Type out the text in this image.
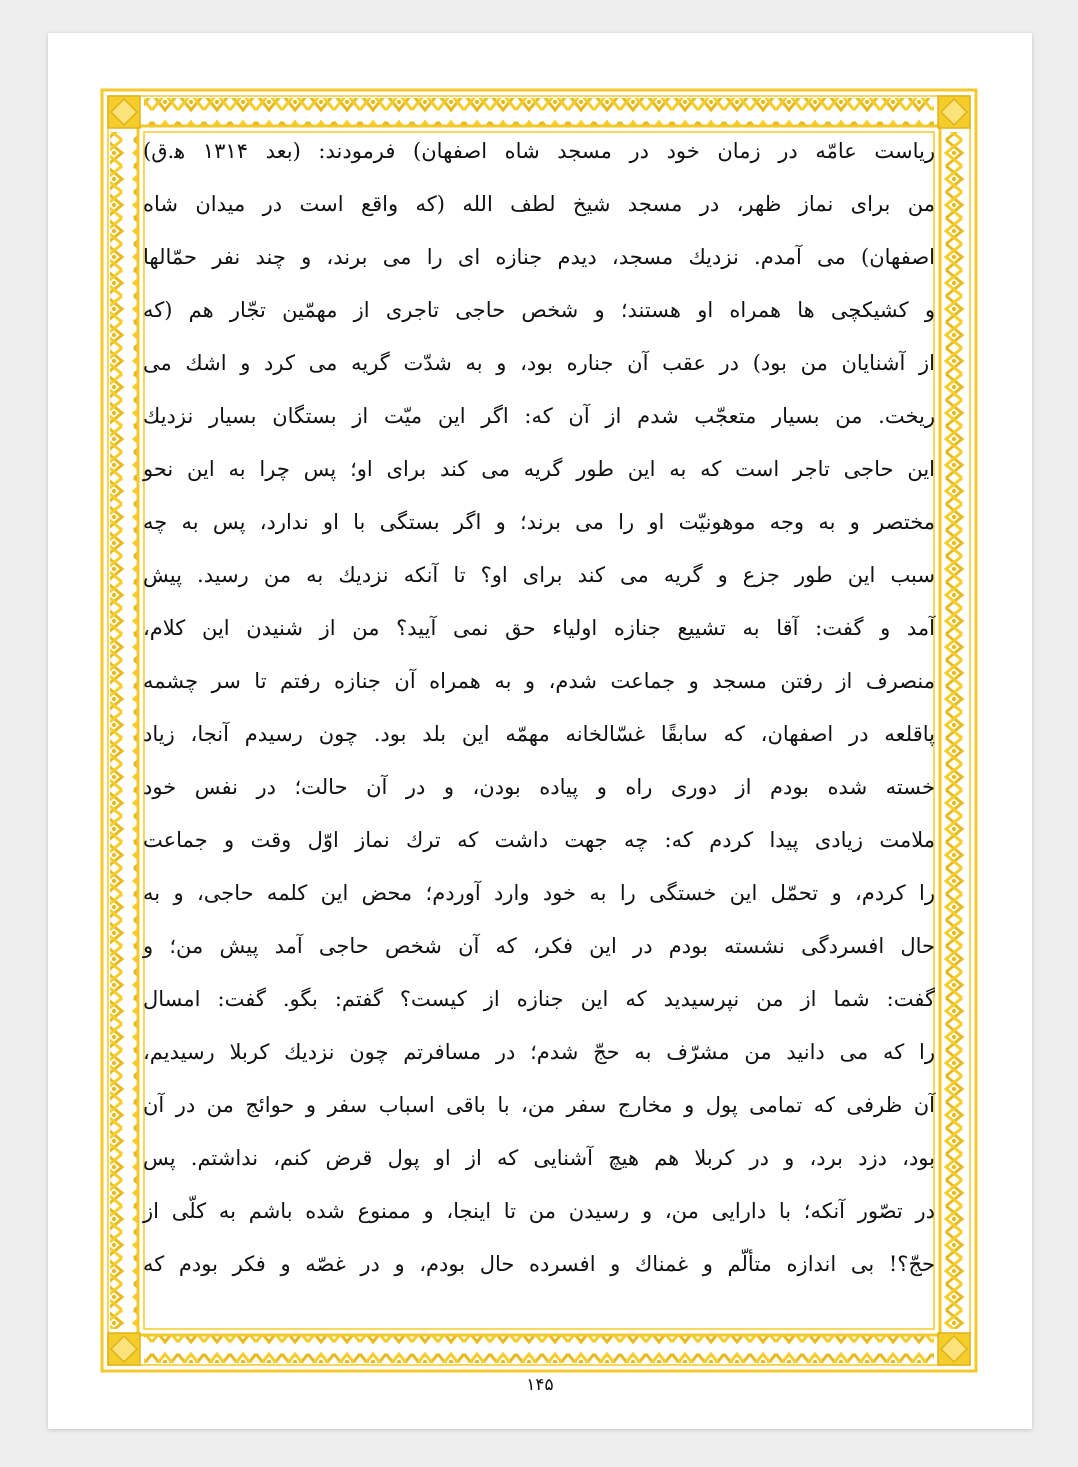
ریاست عامّه در زمان خود در مسجد شاه اصفهان) فرمودند: (بعد ۱۳۱۴ ه‍.ق)
من برای نماز ظهر، در مسجد شیخ لطف الله (که واقع است در میدان شاه
اصفهان) می آمدم. نزدیك مسجد، دیدم جنازه ای را می برند، و چند نفر حمّالها
و کشیکچی ها همراه او هستند؛ و شخص حاجی تاجری از مهمّین تجّار هم (که
از آشنایان من بود) در عقب آن جناره بود، و به شدّت گریه می کرد و اشك می
ریخت. من بسیار متعجّب شدم از آن که: اگر این میّت از بستگان بسیار نزدیك
این حاجی تاجر است که به این طور گریه می کند برای او؛ پس چرا به این نحو
مختصر و به وجه موهونیّت او را می برند؛ و اگر بستگی با او ندارد، پس به چه
سبب این طور جزع و گریه می کند برای او؟ تا آنکه نزدیك به من رسید. پیش
آمد و گفت: آقا به تشییع جنازه اولیاء حق نمی آیید؟ من از شنیدن این کلام،
منصرف از رفتن مسجد و جماعت شدم، و به همراه آن جنازه رفتم تا سر چشمه
پاقلعه در اصفهان، که سابقًا غسّالخانه مهمّه این بلد بود. چون رسیدم آنجا، زیاد
خسته شده بودم از دوری راه و پیاده بودن، و در آن حالت؛ در نفس خود
ملامت زیادی پیدا کردم که: چه جهت داشت که ترك نماز اوّل وقت و جماعت
را کردم، و تحمّل این خستگی را به خود وارد آوردم؛ محض این کلمه حاجی، و به
حال افسردگی نشسته بودم در این فکر، که آن شخص حاجی آمد پیش من؛ و
گفت: شما از من نپرسیدید که این جنازه از کیست؟ گفتم: بگو. گفت: امسال
را که می دانید من مشرّف به حجّ شدم؛ در مسافرتم چون نزدیك کربلا رسیدیم،
آن ظرفی که تمامی پول و مخارج سفر من، با باقی اسباب سفر و حوائج من در آن
بود، دزد برد، و در کربلا هم هیچ آشنایی که از او پول قرض کنم، نداشتم. پس
در تصّور آنکه؛ با دارایی من، و رسیدن من تا اینجا، و ممنوع شده باشم به کلّی از
حجّ؟! بی اندازه متألّم و غمناك و افسرده حال بودم، و در غصّه و فکر بودم که
۱۴۵
